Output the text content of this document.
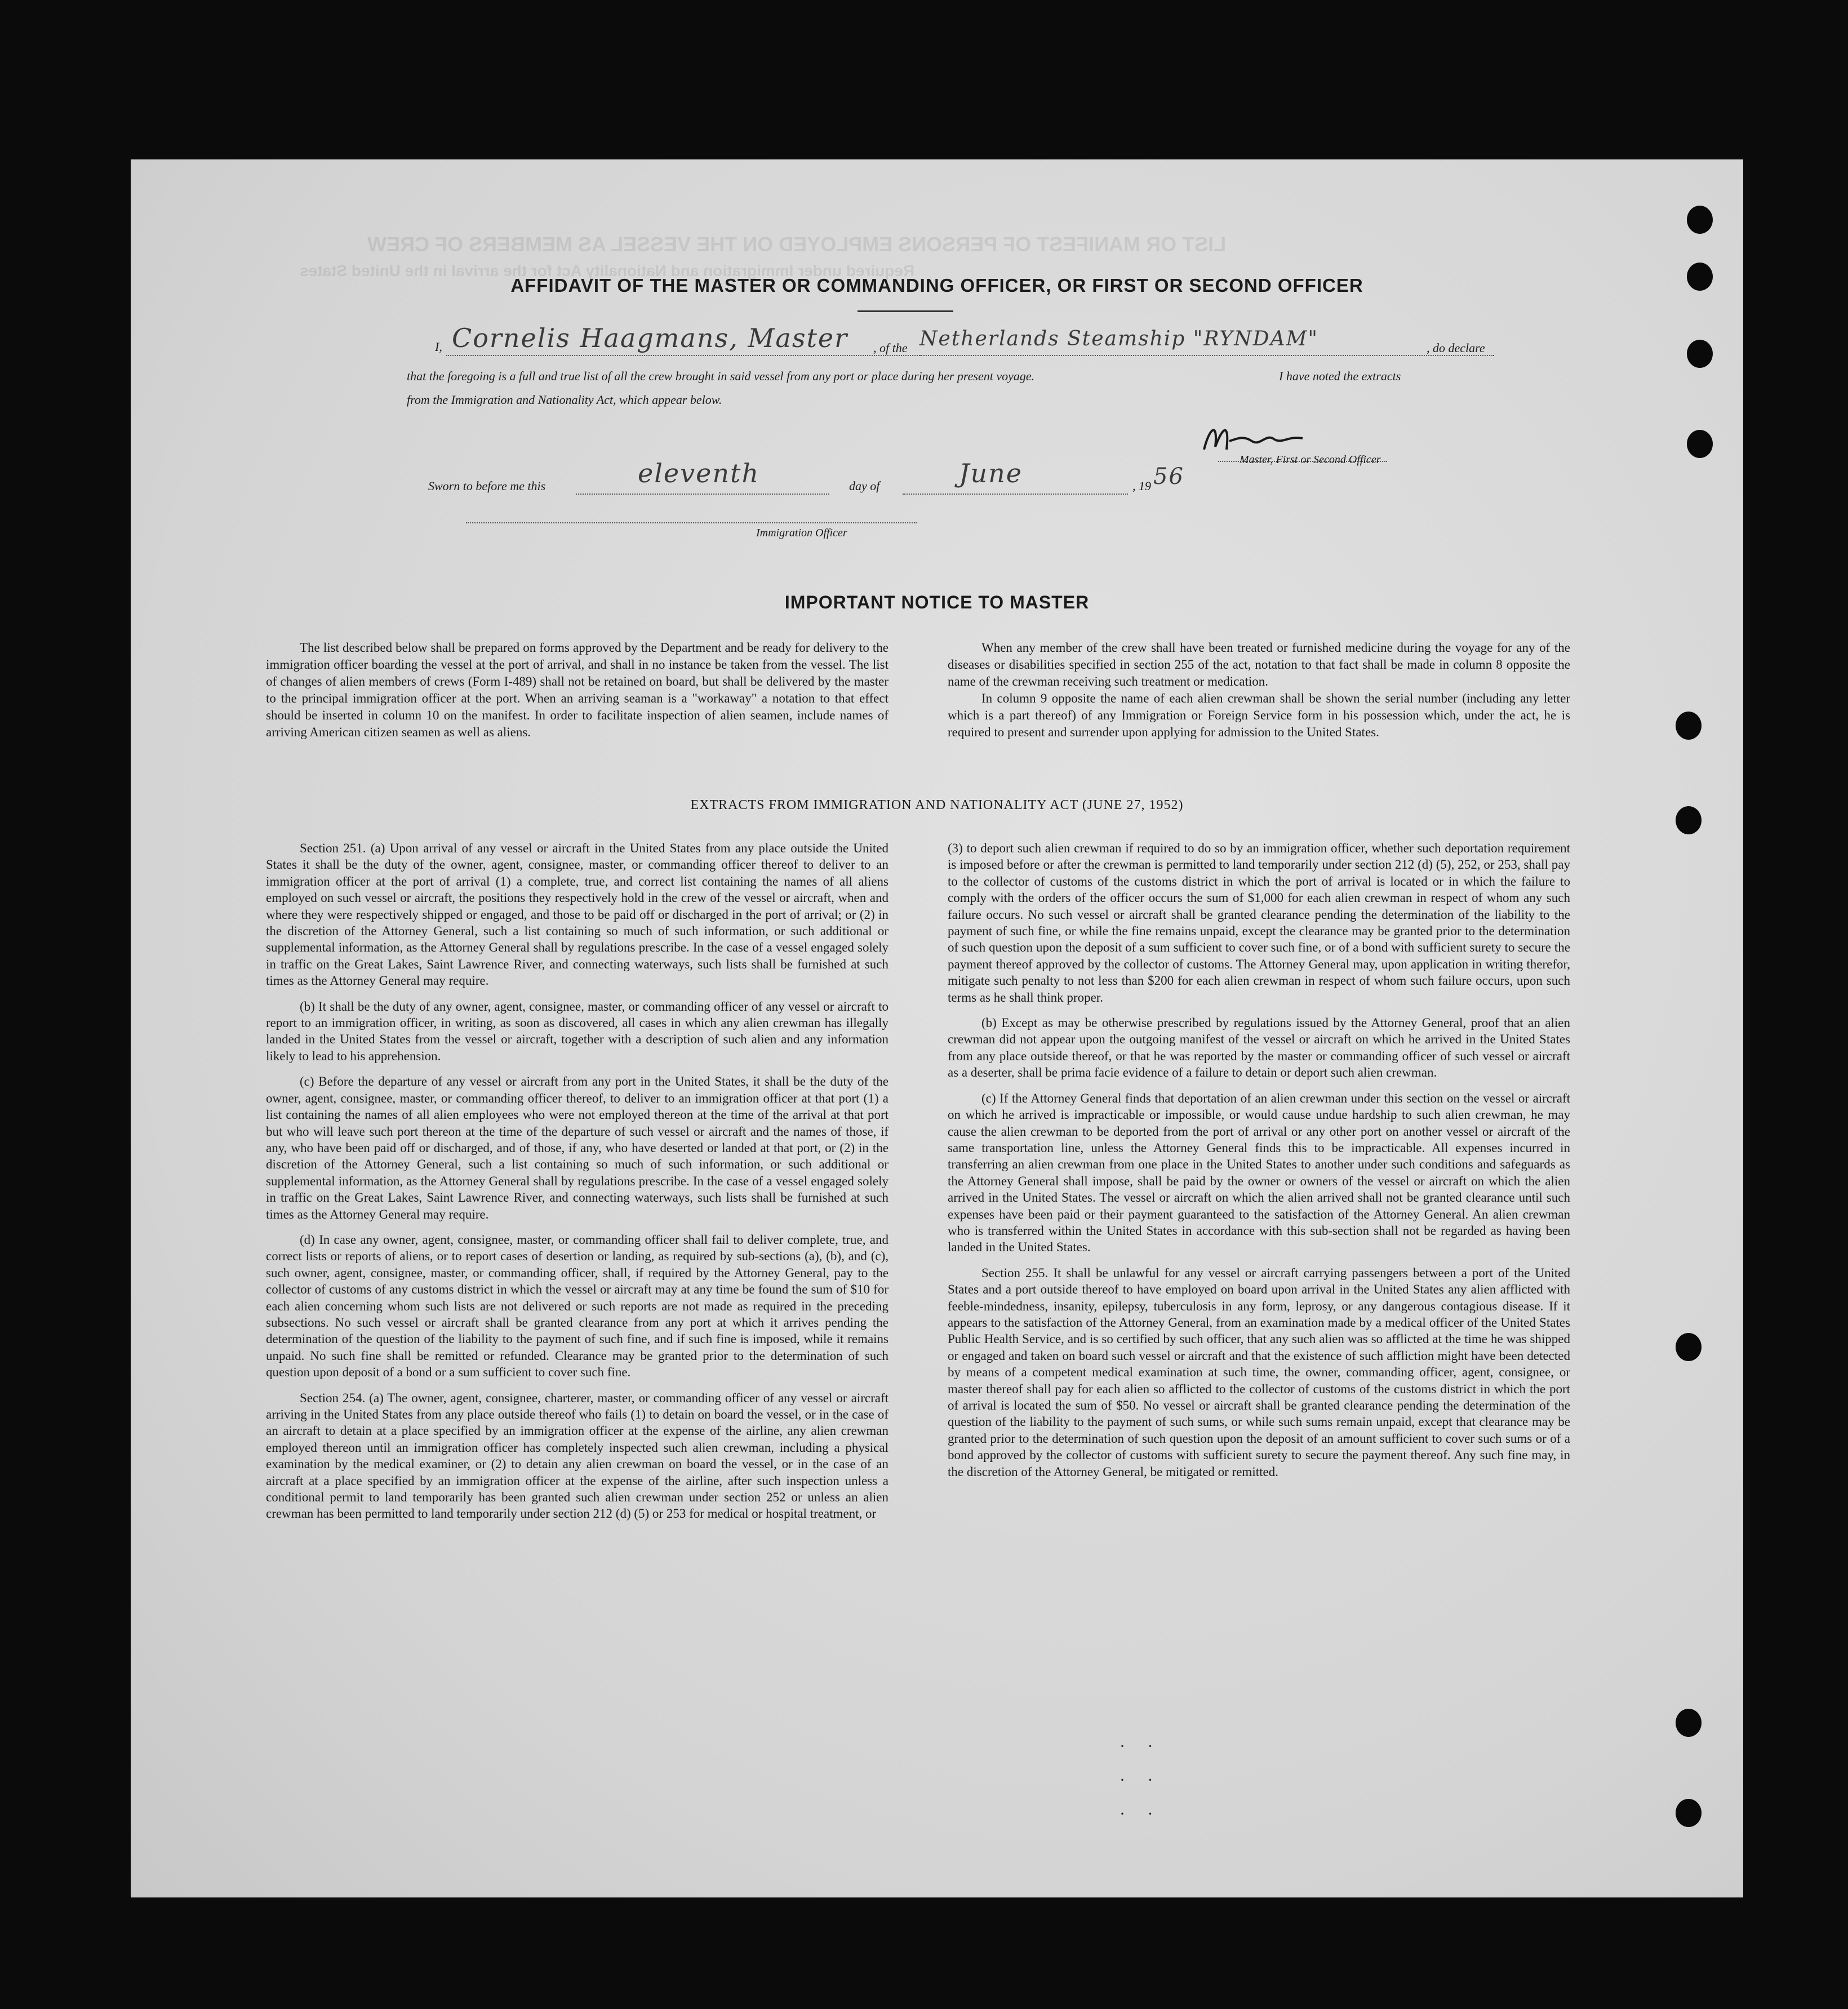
LIST OR MANIFEST OF PERSONS EMPLOYED ON THE VESSEL AS MEMBERS OF CREW
Required under Immigration and Nationality Act for the arrival in the United States
AFFIDAVIT OF THE MASTER OR COMMANDING OFFICER, OR FIRST OR SECOND OFFICER
I, Cornelis Haagmans, Master , of the Netherlands Steamship "RYNDAM"	, do declare
that the foregoing is a full and true list of all the crew brought in said vessel from any port or place during her present voyage.	I have noted the extracts
from the Immigration and Nationality Act, which appear below.
Master, First or Second Officer
Sworn to before me this	eleventh	day of	June	, 19 56
Immigration Officer
IMPORTANT NOTICE TO MASTER

The list described below shall be prepared on forms approved by the Department and be ready for delivery to the immigration officer boarding the vessel at the port of arrival, and shall in no instance be taken from the vessel. The list of changes of alien members of crews (Form I-489) shall not be retained on board, but shall be delivered by the master to the principal immigration officer at the port. When an arriving seaman is a "workaway" a notation to that effect should be inserted in column 10 on the manifest. In order to facilitate inspection of alien seamen, include names of arriving American citizen seamen as well as aliens.

When any member of the crew shall have been treated or furnished medicine during the voyage for any of the diseases or disabilities specified in section 255 of the act, notation to that fact shall be made in column 8 opposite the name of the crewman receiving such treatment or medication.

In column 9 opposite the name of each alien crewman shall be shown the serial number (including any letter which is a part thereof) of any Immigration or Foreign Service form in his possession which, under the act, he is required to present and surrender upon applying for admission to the United States.

EXTRACTS FROM IMMIGRATION AND NATIONALITY ACT (JUNE 27, 1952)

Section 251. (a) Upon arrival of any vessel or aircraft in the United States from any place outside the United States it shall be the duty of the owner, agent, consignee, master, or commanding officer thereof to deliver to an immigration officer at the port of arrival (1) a complete, true, and correct list containing the names of all aliens employed on such vessel or aircraft, the positions they respectively hold in the crew of the vessel or aircraft, when and where they were respectively shipped or engaged, and those to be paid off or discharged in the port of arrival; or (2) in the discretion of the Attorney General, such a list containing so much of such information, or such additional or supplemental information, as the Attorney General shall by regulations prescribe. In the case of a vessel engaged solely in traffic on the Great Lakes, Saint Lawrence River, and connecting waterways, such lists shall be furnished at such times as the Attorney General may require.

(b) It shall be the duty of any owner, agent, consignee, master, or commanding officer of any vessel or aircraft to report to an immigration officer, in writing, as soon as discovered, all cases in which any alien crewman has illegally landed in the United States from the vessel or aircraft, together with a description of such alien and any information likely to lead to his apprehension.

(c) Before the departure of any vessel or aircraft from any port in the United States, it shall be the duty of the owner, agent, consignee, master, or commanding officer thereof, to deliver to an immigration officer at that port (1) a list containing the names of all alien employees who were not employed thereon at the time of the arrival at that port but who will leave such port thereon at the time of the departure of such vessel or aircraft and the names of those, if any, who have been paid off or discharged, and of those, if any, who have deserted or landed at that port, or (2) in the discretion of the Attorney General, such a list containing so much of such information, or such additional or supplemental information, as the Attorney General shall by regulations prescribe. In the case of a vessel engaged solely in traffic on the Great Lakes, Saint Lawrence River, and connecting waterways, such lists shall be furnished at such times as the Attorney General may require.

(d) In case any owner, agent, consignee, master, or commanding officer shall fail to deliver complete, true, and correct lists or reports of aliens, or to report cases of desertion or landing, as required by sub-sections (a), (b), and (c), such owner, agent, consignee, master, or commanding officer, shall, if required by the Attorney General, pay to the collector of customs of any customs district in which the vessel or aircraft may at any time be found the sum of $10 for each alien concerning whom such lists are not delivered or such reports are not made as required in the preceding subsections. No such vessel or aircraft shall be granted clearance from any port at which it arrives pending the determination of the question of the liability to the payment of such fine, and if such fine is imposed, while it remains unpaid. No such fine shall be remitted or refunded. Clearance may be granted prior to the determination of such question upon deposit of a bond or a sum sufficient to cover such fine.

Section 254. (a) The owner, agent, consignee, charterer, master, or commanding officer of any vessel or aircraft arriving in the United States from any place outside thereof who fails (1) to detain on board the vessel, or in the case of an aircraft to detain at a place specified by an immigration officer at the expense of the airline, any alien crewman employed thereon until an immigration officer has completely inspected such alien crewman, including a physical examination by the medical examiner, or (2) to detain any alien crewman on board the vessel, or in the case of an aircraft at a place specified by an immigration officer at the expense of the airline, after such inspection unless a conditional permit to land temporarily has been granted such alien crewman under section 252 or unless an alien crewman has been permitted to land temporarily under section 212 (d) (5) or 253 for medical or hospital treatment, or

(3) to deport such alien crewman if required to do so by an immigration officer, whether such deportation requirement is imposed before or after the crewman is permitted to land temporarily under section 212 (d) (5), 252, or 253, shall pay to the collector of customs of the customs district in which the port of arrival is located or in which the failure to comply with the orders of the officer occurs the sum of $1,000 for each alien crewman in respect of whom any such failure occurs. No such vessel or aircraft shall be granted clearance pending the determination of the liability to the payment of such fine, or while the fine remains unpaid, except the clearance may be granted prior to the determination of such question upon the deposit of a sum sufficient to cover such fine, or of a bond with sufficient surety to secure the payment thereof approved by the collector of customs. The Attorney General may, upon application in writing therefor, mitigate such penalty to not less than $200 for each alien crewman in respect of whom such failure occurs, upon such terms as he shall think proper.

(b) Except as may be otherwise prescribed by regulations issued by the Attorney General, proof that an alien crewman did not appear upon the outgoing manifest of the vessel or aircraft on which he arrived in the United States from any place outside thereof, or that he was reported by the master or commanding officer of such vessel or aircraft as a deserter, shall be prima facie evidence of a failure to detain or deport such alien crewman.

(c) If the Attorney General finds that deportation of an alien crewman under this section on the vessel or aircraft on which he arrived is impracticable or impossible, or would cause undue hardship to such alien crewman, he may cause the alien crewman to be deported from the port of arrival or any other port on another vessel or aircraft of the same transportation line, unless the Attorney General finds this to be impracticable. All expenses incurred in transferring an alien crewman from one place in the United States to another under such conditions and safeguards as the Attorney General shall impose, shall be paid by the owner or owners of the vessel or aircraft on which the alien arrived in the United States. The vessel or aircraft on which the alien arrived shall not be granted clearance until such expenses have been paid or their payment guaranteed to the satisfaction of the Attorney General. An alien crewman who is transferred within the United States in accordance with this sub-section shall not be regarded as having been landed in the United States.

Section 255. It shall be unlawful for any vessel or aircraft carrying passengers between a port of the United States and a port outside thereof to have employed on board upon arrival in the United States any alien afflicted with feeble-mindedness, insanity, epilepsy, tuberculosis in any form, leprosy, or any dangerous contagious disease. If it appears to the satisfaction of the Attorney General, from an examination made by a medical officer of the United States Public Health Service, and is so certified by such officer, that any such alien was so afflicted at the time he was shipped or engaged and taken on board such vessel or aircraft and that the existence of such affliction might have been detected by means of a competent medical examination at such time, the owner, commanding officer, agent, consignee, or master thereof shall pay for each alien so afflicted to the collector of customs of the customs district in which the port of arrival is located the sum of $50. No vessel or aircraft shall be granted clearance pending the determination of the question of the liability to the payment of such sums, or while such sums remain unpaid, except that clearance may be granted prior to the determination of such question upon the deposit of an amount sufficient to cover such sums or of a bond approved by the collector of customs with sufficient surety to secure the payment thereof. Any such fine may, in the discretion of the Attorney General, be mitigated or remitted.

· ·
· ·
· ·
